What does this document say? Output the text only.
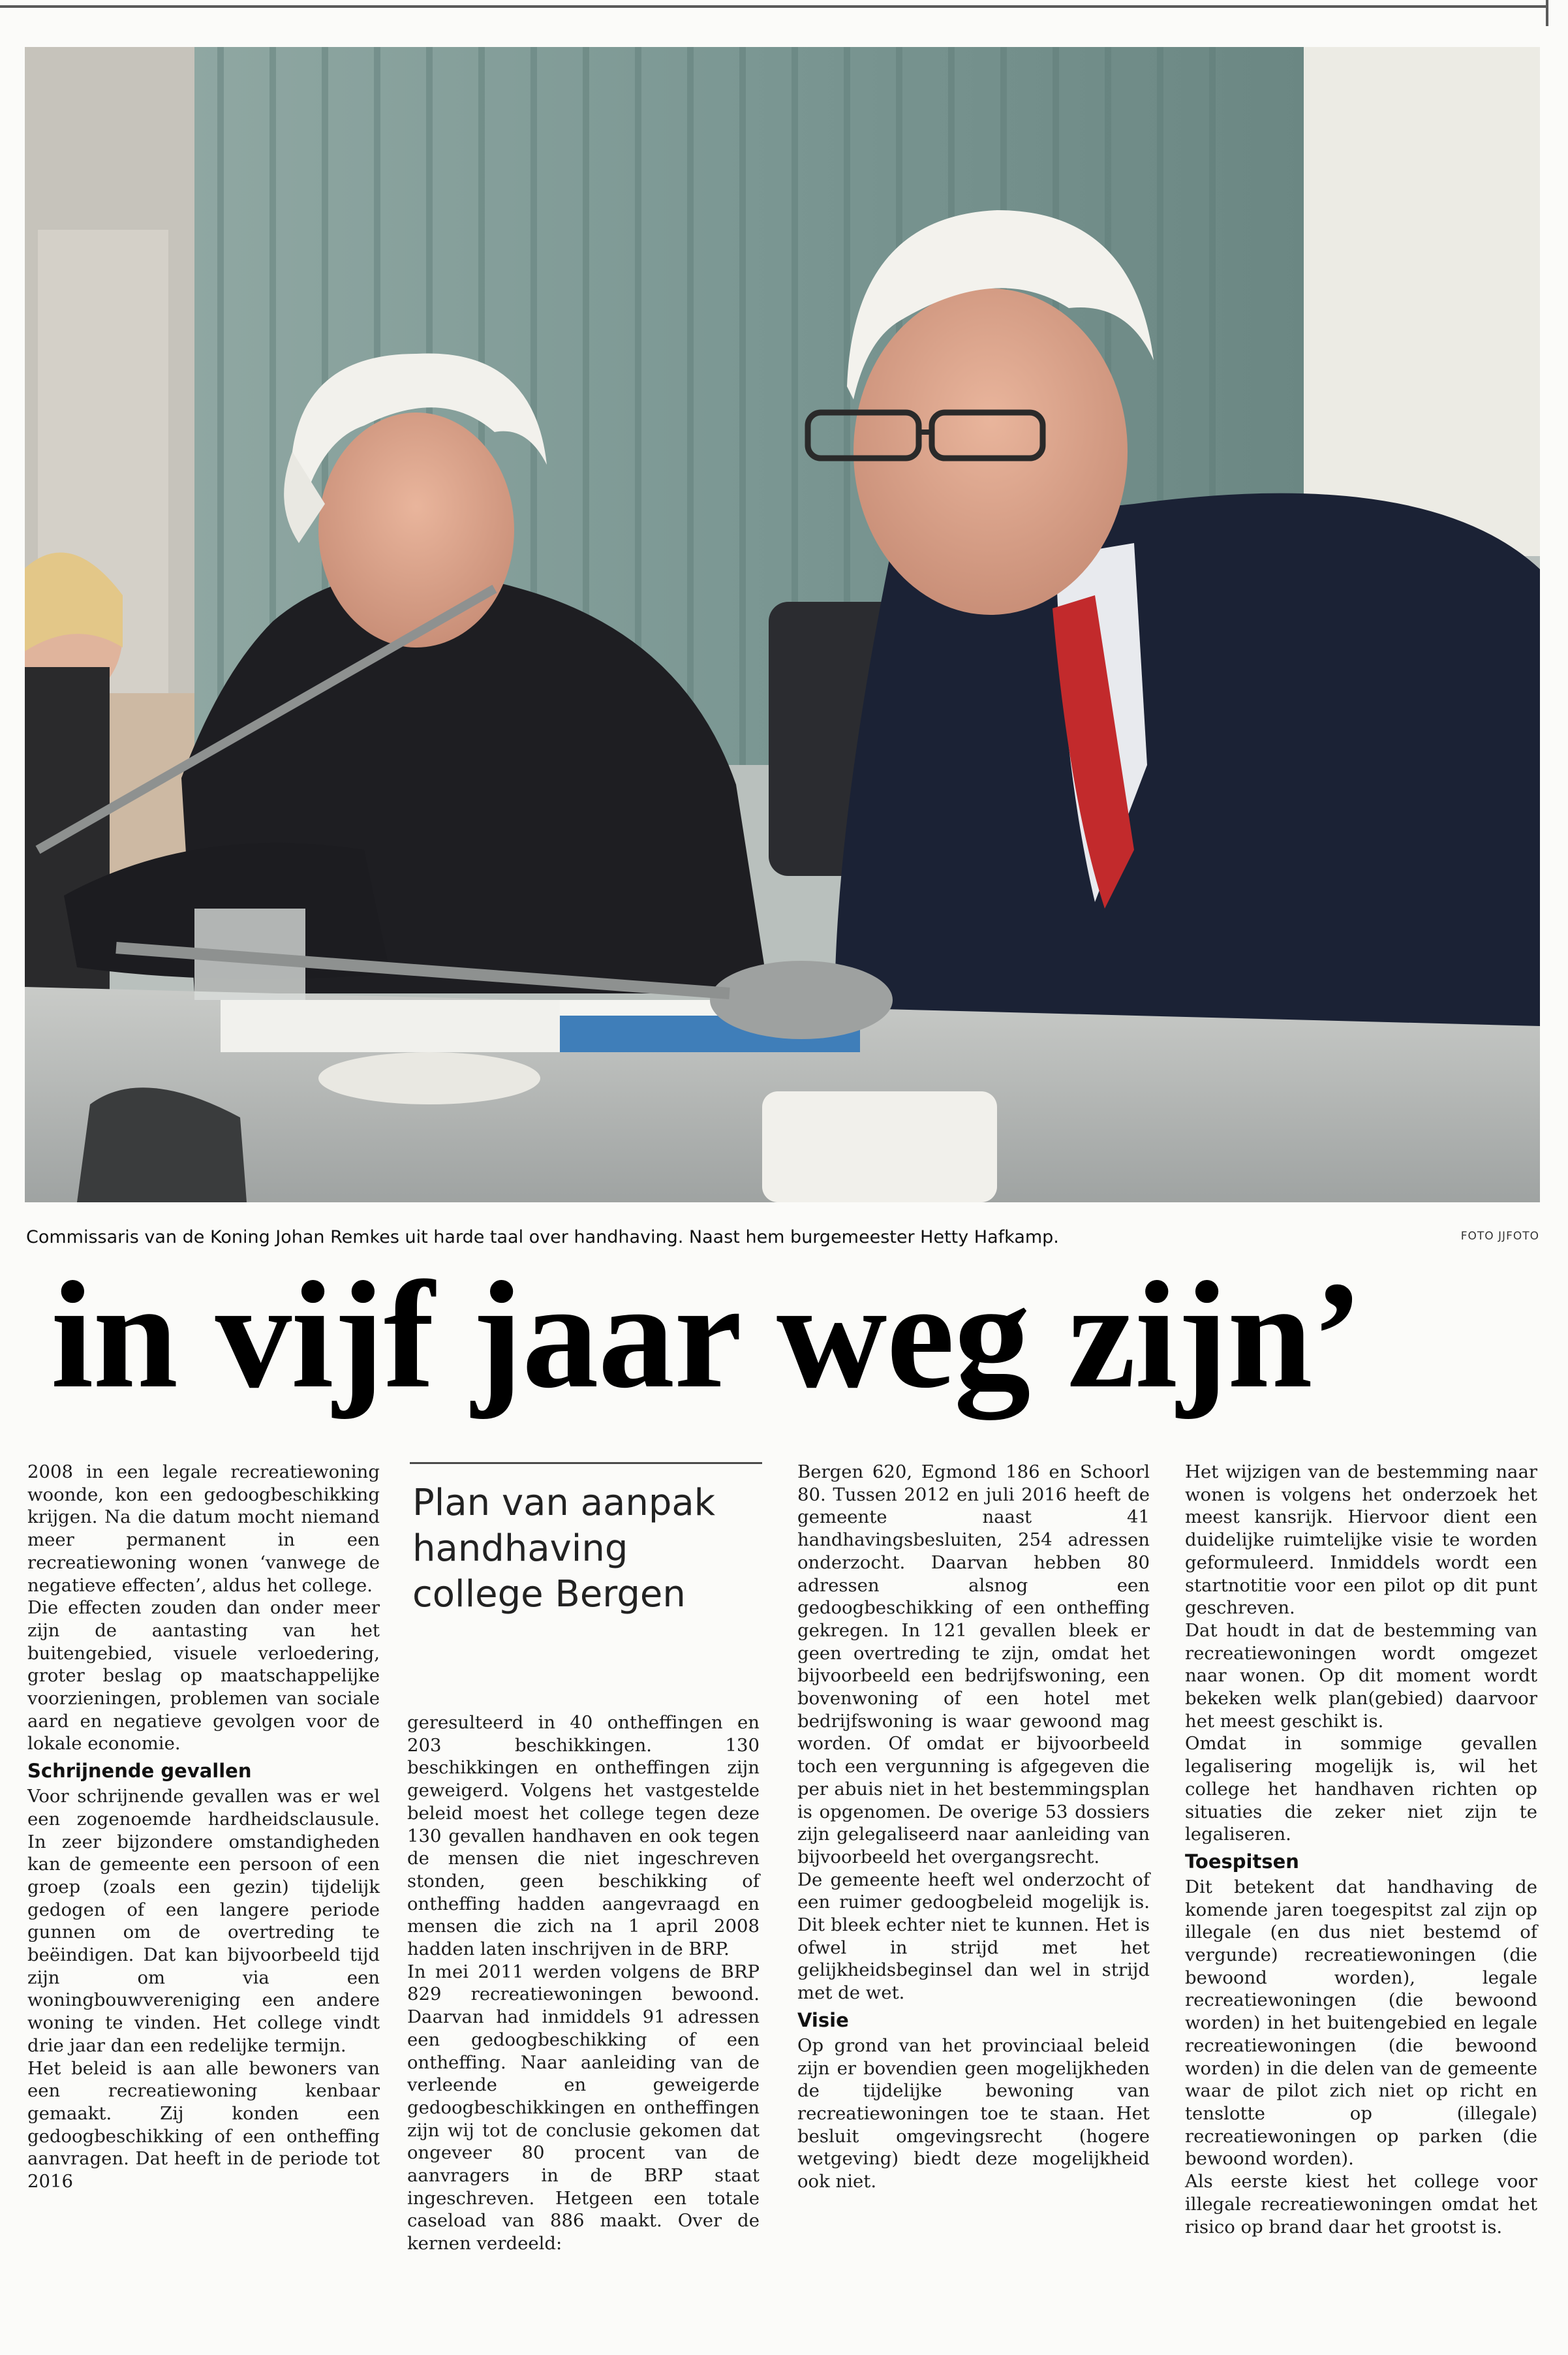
Commissaris van de Koning Johan Remkes uit harde taal over handhaving. Naast hem burgemeester Hetty Hafkamp.	FOTO JJFOTO
in vijf jaar weg zijn’

2008 in een legale recreatiewoning woonde, kon een gedoogbeschikking krijgen. Na die datum mocht niemand meer permanent in een recreatiewoning wonen ‘vanwege de negatieve effecten’, aldus het college.

Die effecten zouden dan onder meer zijn de aantasting van het buitengebied, visuele verloedering, groter beslag op maatschappelijke voorzieningen, problemen van sociale aard en negatieve gevolgen voor de lokale economie.

Schrijnende gevallen

Voor schrijnende gevallen was er wel een zogenoemde hardheidsclausule. In zeer bijzondere omstandigheden kan de gemeente een persoon of een groep (zoals een gezin) tijdelijk gedogen of een langere periode gunnen om de overtreding te beëindigen. Dat kan bijvoorbeeld tijd zijn om via een woningbouwvereniging een andere woning te vinden. Het college vindt drie jaar dan een redelijke termijn.

Het beleid is aan alle bewoners van een recreatiewoning kenbaar gemaakt. Zij konden een gedoogbeschikking of een ontheffing aanvragen. Dat heeft in de periode tot 2016

Plan van aanpak handhaving college Bergen

geresulteerd in 40 ontheffingen en 203 beschikkingen. 130 beschikkingen en ontheffingen zijn geweigerd. Volgens het vastgestelde beleid moest het college tegen deze 130 gevallen handhaven en ook tegen de mensen die niet ingeschreven stonden, geen beschikking of ontheffing hadden aangevraagd en mensen die zich na 1 april 2008 hadden laten inschrijven in de BRP.

In mei 2011 werden volgens de BRP 829 recreatiewoningen bewoond. Daarvan had inmiddels 91 adressen een gedoogbeschikking of een ontheffing. Naar aanleiding van de verleende en geweigerde gedoogbeschikkingen en ontheffingen zijn wij tot de conclusie gekomen dat ongeveer 80 procent van de aanvragers in de BRP staat ingeschreven. Hetgeen een totale caseload van 886 maakt. Over de kernen verdeeld:

Bergen 620, Egmond 186 en Schoorl 80. Tussen 2012 en juli 2016 heeft de gemeente naast 41 handhavingsbesluiten, 254 adressen onderzocht. Daarvan hebben 80 adressen alsnog een gedoogbeschikking of een ontheffing gekregen. In 121 gevallen bleek er geen overtreding te zijn, omdat het bijvoorbeeld een bedrijfswoning, een bovenwoning of een hotel met bedrijfswoning is waar gewoond mag worden. Of omdat er bijvoorbeeld toch een vergunning is afgegeven die per abuis niet in het bestemmingsplan is opgenomen. De overige 53 dossiers zijn gelegaliseerd naar aanleiding van bijvoorbeeld het overgangsrecht.

De gemeente heeft wel onderzocht of een ruimer gedoogbeleid mogelijk is. Dit bleek echter niet te kunnen. Het is ofwel in strijd met het gelijkheidsbeginsel dan wel in strijd met de wet.

Visie

Op grond van het provinciaal beleid zijn er bovendien geen mogelijkheden de tijdelijke bewoning van recreatiewoningen toe te staan. Het besluit omgevingsrecht (hogere wetgeving) biedt deze mogelijkheid ook niet.

Het wijzigen van de bestemming naar wonen is volgens het onderzoek het meest kansrijk. Hiervoor dient een duidelijke ruimtelijke visie te worden geformuleerd. Inmiddels wordt een startnotitie voor een pilot op dit punt geschreven.

Dat houdt in dat de bestemming van recreatiewoningen wordt omgezet naar wonen. Op dit moment wordt bekeken welk plan(gebied) daarvoor het meest geschikt is.

Omdat in sommige gevallen legalisering mogelijk is, wil het college het handhaven richten op situaties die zeker niet zijn te legaliseren.

Toespitsen

Dit betekent dat handhaving de komende jaren toegespitst zal zijn op illegale (en dus niet bestemd of vergunde) recreatiewoningen (die bewoond worden), legale recreatiewoningen (die bewoond worden) in het buitengebied en legale recreatiewoningen (die bewoond worden) in die delen van de gemeente waar de pilot zich niet op richt en tenslotte op (illegale) recreatiewoningen op parken (die bewoond worden).

Als eerste kiest het college voor illegale recreatiewoningen omdat het risico op brand daar het grootst is.
